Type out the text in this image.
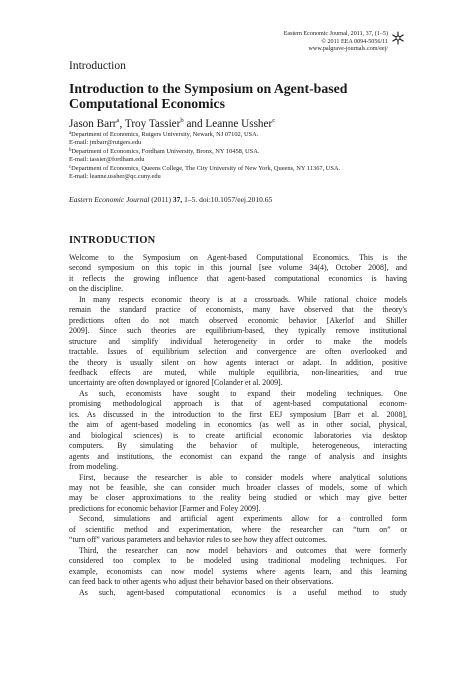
Eastern Economic Journal, 2011, 37, (1–5)
© 2011 EEA 0094-5056/11
www.palgrave-journals.com/eej/
Introduction
Introduction to the Symposium on Agent-based
Computational Economics
Jason Barr$^a$, Troy Tassier$^b$ and Leanne Ussher$^c$
$^a$Department of Economics, Rutgers University, Newark, NJ 07102, USA.
E-mail: jmbarr@rutgers.edu
$^b$Department of Economics, Fordham University, Bronx, NY 10458, USA.
E-mail: tassier@fordham.edu
$^c$Department of Economics, Queens College, The City University of New York, Queens, NY 11367, USA.
E-mail: leanne.ussher@qc.cuny.edu
Eastern Economic Journal (2011) 37, 1–5. doi:10.1057/eej.2010.65
INTRODUCTION
Welcome to the Symposium on Agent-based Computational Economics. This is the
second symposium on this topic in this journal [see volume 34(4), October 2008], and
it reflects the growing influence that agent-based computational economics is having
on the discipline.
In many respects economic theory is at a crossroads. While rational choice models
remain the standard practice of economists, many have observed that the theory's
predictions often do not match observed economic behavior [Akerlof and Shiller
2009]. Since such theories are equilibrium-based, they typically remove institutional
structure and simplify individual heterogeneity in order to make the models
tractable. Issues of equilibrium selection and convergence are often overlooked and
the theory is usually silent on how agents interact or adapt. In addition, positive
feedback effects are muted, while multiple equilibria, non-linearities, and true
uncertainty are often downplayed or ignored [Colander et al. 2009].
As such, economists have sought to expand their modeling techniques. One
promising methodological approach is that of agent-based computational econom-
ics. As discussed in the introduction to the first EEJ symposium [Barr et al. 2008],
the aim of agent-based modeling in economics (as well as in other social, physical,
and biological sciences) is to create artificial economic laboratories via desktop
computers. By simulating the behavior of multiple, heterogeneous, interacting
agents and institutions, the economist can expand the range of analysis and insights
from modeling.
First, because the researcher is able to consider models where analytical solutions
may not be feasible, she can consider much broader classes of models, some of which
may be closer approximations to the reality being studied or which may give better
predictions for economic behavior [Farmer and Foley 2009].
Second, simulations and artificial agent experiments allow for a controlled form
of scientific method and experimentation, where the researcher can “turn on” or
“turn off” various parameters and behavior rules to see how they affect outcomes.
Third, the researcher can now model behaviors and outcomes that were formerly
considered too complex to be modeled using traditional modeling techniques. For
example, economists can now model systems where agents learn, and this learning
can feed back to other agents who adjust their behavior based on their observations.
As such, agent-based computational economics is a useful method to study
